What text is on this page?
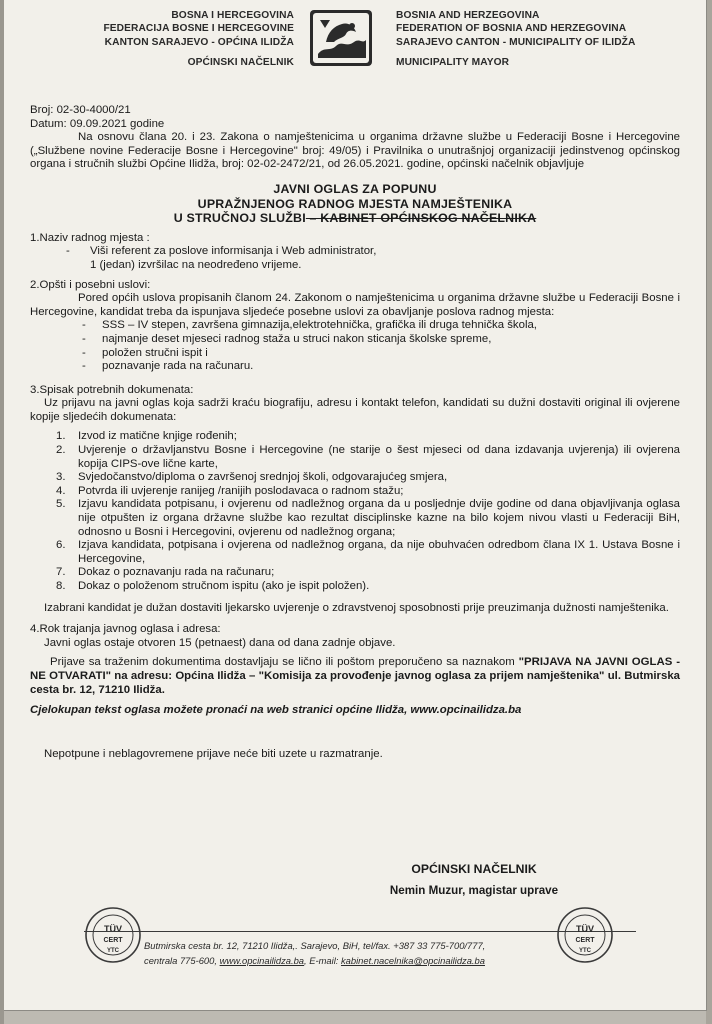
BOSNA I HERCEGOVINA
FEDERACIJA BOSNE I HERCEGOVINE
KANTON SARAJEVO - OPĆINA ILIDŽA
OPĆINSKI NAČELNIK
BOSNIA AND HERZEGOVINA
FEDERATION OF BOSNIA AND HERZEGOVINA
SARAJEVO CANTON - MUNICIPALITY OF ILIDŽA
MUNICIPALITY MAYOR

Broj: 02-30-4000/21

Datum: 09.09.2021 godine

Na osnovu člana 20. i 23. Zakona o namještenicima u organima državne službe u Federaciji Bosne i Hercegovine („Službene novine Federacije Bosne i Hercegovine" broj: 49/05) i Pravilnika o unutrašnjoj organizaciji jedinstvenog općinskog organa i stručnih službi Općine Ilidža, broj: 02-02-2472/21, od 26.05.2021. godine, općinski načelnik objavljuje

JAVNI OGLAS ZA POPUNU
UPRAŽNJENOG RADNOG MJESTA NAMJEŠTENIKA
U STRUČNOJ SLUŽBI – KABINET OPĆINSKOG NAČELNIKA

1.Naziv radnog mjesta :

- Viši referent za poslove informisanja i Web administrator,
1 (jedan) izvršilac na neodređeno vrijeme.

2.Opšti i posebni uslovi:

Pored općih uslova propisanih članom 24. Zakonom o namještenicima u organima državne službe u Federaciji Bosne i Hercegovine, kandidat treba da ispunjava sljedeće posebne uslovi za obavljanje poslova radnog mjesta:

- SSS – IV stepen, završena gimnazija,elektrotehnička, grafička ili druga tehnička škola,
- najmanje deset mjeseci radnog staža u struci nakon sticanja školske spreme,
- položen stručni ispit i
- poznavanje rada na računaru.

3.Spisak potrebnih dokumenata:

Uz prijavu na javni oglas koja sadrži kraću biografiju, adresu i kontakt telefon, kandidati su dužni dostaviti original ili ovjerene kopije sljedećih dokumenata:

1. Izvod iz matične knjige rođenih;
2. Uvjerenje o državljanstvu Bosne i Hercegovine (ne starije o šest mjeseci od dana izdavanja uvjerenja) ili ovjerena kopija CIPS-ove lične karte,
3. Svjedočanstvo/diploma o završenoj srednjoj školi, odgovarajućeg smjera,
4. Potvrda ili uvjerenje ranijeg /ranijih poslodavaca o radnom stažu;
5. Izjavu kandidata potpisanu, i ovjerenu od nadležnog organa da u posljednje dvije godine od dana objavljivanja oglasa nije otpušten iz organa državne službe kao rezultat disciplinske kazne na bilo kojem nivou vlasti u Federaciji BiH, odnosno u Bosni i Hercegovini, ovjerenu od nadležnog organa;
6. Izjava kandidata, potpisana i ovjerena od nadležnog organa, da nije obuhvaćen odredbom člana IX 1. Ustava Bosne i Hercegovine,
7. Dokaz o poznavanju rada na računaru;
8. Dokaz o položenom stručnom ispitu (ako je ispit položen).

Izabrani kandidat je dužan dostaviti ljekarsko uvjerenje o zdravstvenoj sposobnosti prije preuzimanja dužnosti namještenika.

4.Rok trajanja javnog oglasa i adresa:

Javni oglas ostaje otvoren 15 (petnaest) dana od dana zadnje objave.

Prijave sa traženim dokumentima dostavljaju se lično ili poštom preporučeno sa naznakom "PRIJAVA NA JAVNI OGLAS - NE OTVARATI" na adresu: Općina Ilidža – "Komisija za provođenje javnog oglasa za prijem namještenika" ul. Butmirska cesta br. 12, 71210 Ilidža.

Cjelokupan tekst oglasa možete pronaći na web stranici općine Ilidža, www.opcinailidza.ba

Nepotpune i neblagovremene prijave neće biti uzete u razmatranje.

OPĆINSKI NAČELNIK
Nemin Muzur, magistar uprave
TÜV
CERT
YTC	Butmirska cesta br. 12, 71210 Ilidža,. Sarajevo, BiH, tel/fax. +387 33 775-700/777,
centrala 775-600, www.opcinailidza.ba, E-mail: kabinet.nacelnika@opcinailidza.ba
TÜV
CERT
YTC
